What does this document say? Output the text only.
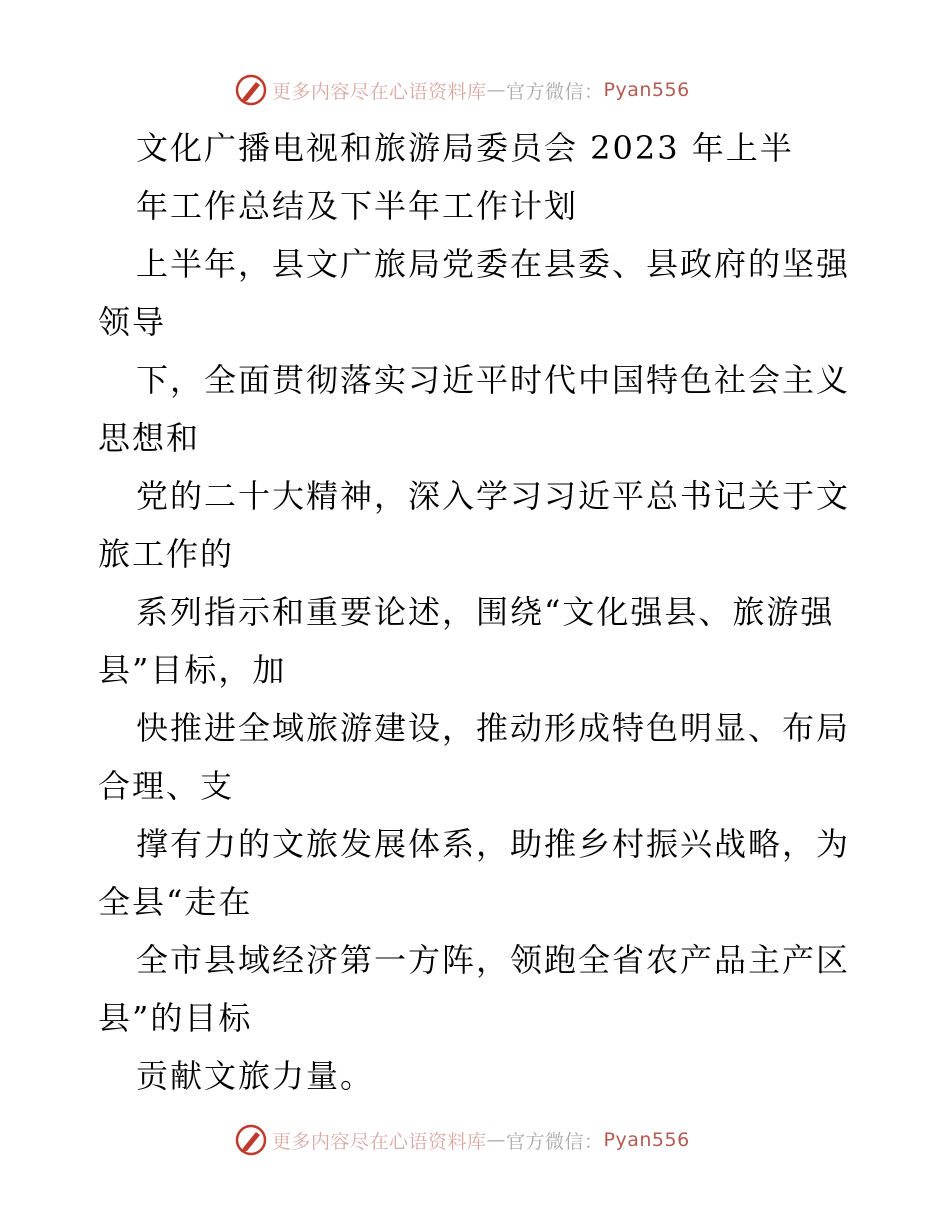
更多内容尽在心语资料库 — 官方微信： Pyan556
文化广播电视和旅游局委员会 2023 年上半
年工作总结及下半年工作计划
上半年，县文广旅局党委在县委、县政府的坚强
领导
下，全面贯彻落实习近平时代中国特色社会主义
思想和
党的二十大精神，深入学习习近平总书记关于文
旅工作的
系列指示和重要论述，围绕“文化强县、旅游强
县”目标，加
快推进全域旅游建设，推动形成特色明显、布局
合理、支
撑有力的文旅发展体系，助推乡村振兴战略，为
全县“走在
全市县域经济第一方阵，领跑全省农产品主产区
县”的目标
贡献文旅力量。
更多内容尽在心语资料库 — 官方微信： Pyan556
